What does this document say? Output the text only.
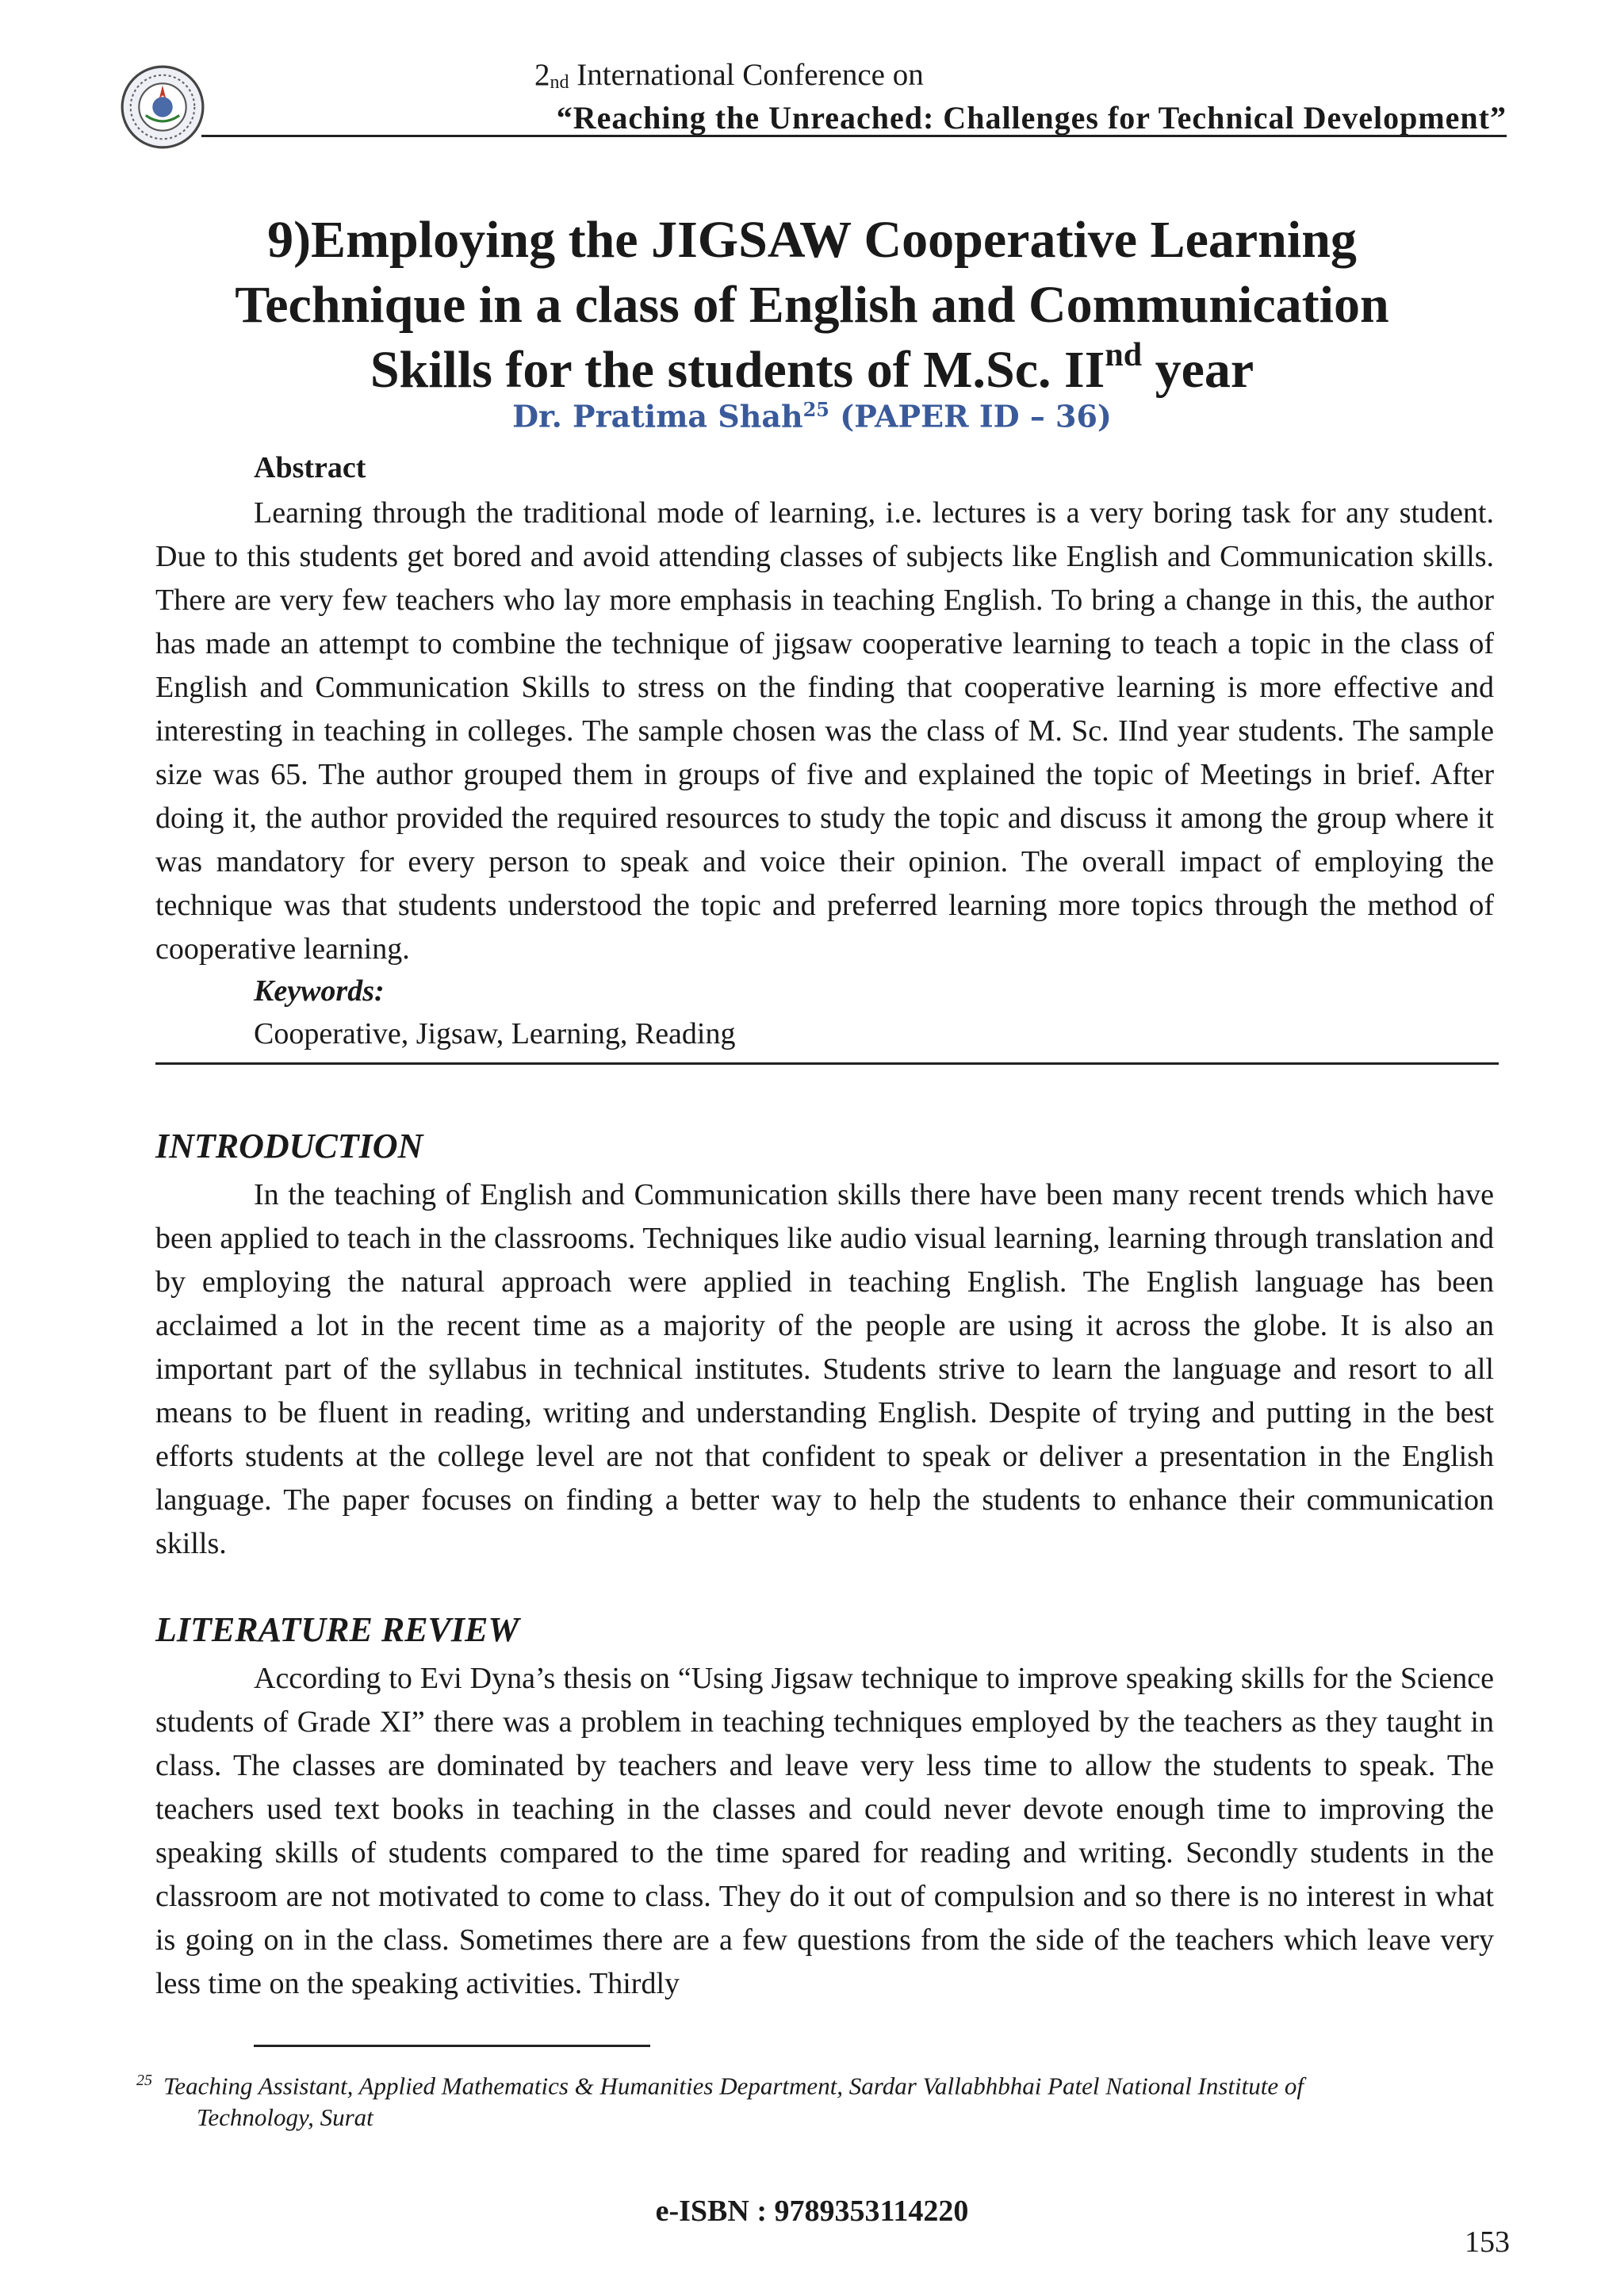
2nd International Conference on
“Reaching the Unreached: Challenges for Technical Development”
9)Employing the JIGSAW Cooperative Learning
Technique in a class of English and Communication
Skills for the students of M.Sc. IInd year
Dr. Pratima Shah$^{25}$ (PAPER ID – 36)
Abstract

Learning through the traditional mode of learning, i.e. lectures is a very boring task for any student. Due to this students get bored and avoid attending classes of subjects like English and Communication skills. There are very few teachers who lay more emphasis in teaching English. To bring a change in this, the author has made an attempt to combine the technique of jigsaw cooperative learning to teach a topic in the class of English and Communication Skills to stress on the finding that cooperative learning is more effective and interesting in teaching in colleges. The sample chosen was the class of M. Sc. IInd year students. The sample size was 65. The author grouped them in groups of five and explained the topic of Meetings in brief. After doing it, the author provided the required resources to study the topic and discuss it among the group where it was mandatory for every person to speak and voice their opinion. The overall impact of employing the technique was that students understood the topic and preferred learning more topics through the method of cooperative learning.

Keywords:
Cooperative, Jigsaw, Learning, Reading
INTRODUCTION

In the teaching of English and Communication skills there have been many recent trends which have been applied to teach in the classrooms. Techniques like audio visual learning, learning through translation and by employing the natural approach were applied in teaching English. The English language has been acclaimed a lot in the recent time as a majority of the people are using it across the globe. It is also an important part of the syllabus in technical institutes. Students strive to learn the language and resort to all means to be fluent in reading, writing and understanding English. Despite of trying and putting in the best efforts students at the college level are not that confident to speak or deliver a presentation in the English language. The paper focuses on finding a better way to help the students to enhance their communication skills.

LITERATURE REVIEW

According to Evi Dyna’s thesis on “Using Jigsaw technique to improve speaking skills for the Science students of Grade XI” there was a problem in teaching techniques employed by the teachers as they taught in class. The classes are dominated by teachers and leave very less time to allow the students to speak. The teachers used text books in teaching in the classes and could never devote enough time to improving the speaking skills of students compared to the time spared for reading and writing. Secondly students in the classroom are not motivated to come to class. They do it out of compulsion and so there is no interest in what is going on in the class. Sometimes there are a few questions from the side of the teachers which leave very less time on the speaking activities. Thirdly

$^{25}$ Teaching Assistant, Applied Mathematics & Humanities Department, Sardar Vallabhbhai Patel National Institute of
Technology, Surat
e-ISBN : 9789353114220
153
